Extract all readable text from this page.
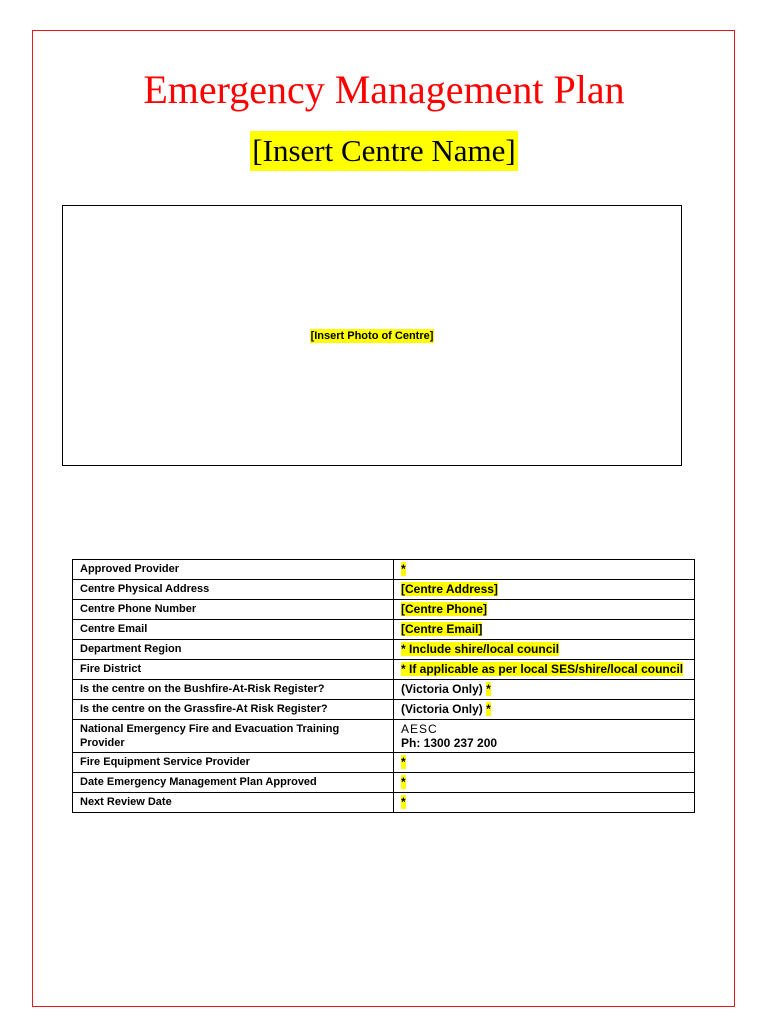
Emergency Management Plan
[Insert Centre Name]
[Insert Photo of Centre]
Approved Provider	*
Centre Physical Address	[Centre Address]
Centre Phone Number	[Centre Phone]
Centre Email	[Centre Email]
Department Region	* Include shire/local council
Fire District	* If applicable as per local SES/shire/local council
Is the centre on the Bushfire-At-Risk Register?	(Victoria Only) *
Is the centre on the Grassfire-At Risk Register?	(Victoria Only) *
National Emergency Fire and Evacuation Training Provider	AESC
Ph: 1300 237 200

Fire Equipment Service Provider	*
Date Emergency Management Plan Approved	*
Next Review Date	*
